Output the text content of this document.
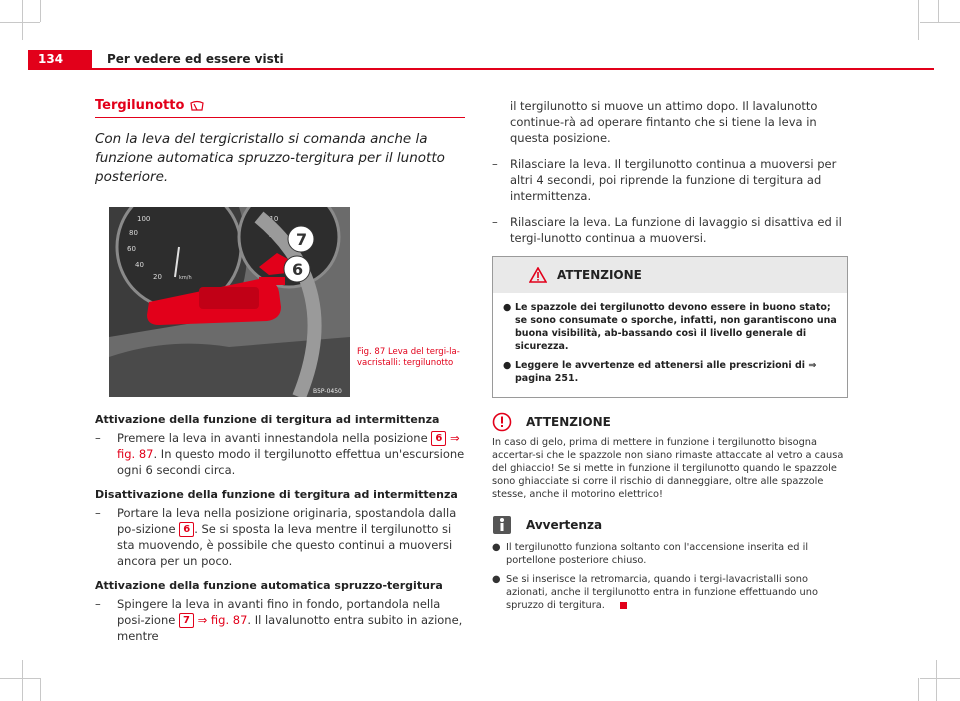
134	Per vedere ed essere visti
Tergilunotto
Con la leva del tergicristallo si comanda anche la funzione automatica spruzzo-tergitura per il lunotto posteriore.
100
80
60
40
20
210
240
km/h
7
6
B5P-0450
Fig. 87 Leva del tergi-la-vacristalli: tergilunotto
Attivazione della funzione di tergitura ad intermittenza
– Premere la leva in avanti innestandola nella posizione 6 ⇒ fig. 87. In questo modo il tergilunotto effettua un'escursione ogni 6 secondi circa.
Disattivazione della funzione di tergitura ad intermittenza
– Portare la leva nella posizione originaria, spostandola dalla po-sizione 6 . Se si sposta la leva mentre il tergilunotto si sta muovendo, è possibile che questo continui a muoversi ancora per un poco.
Attivazione della funzione automatica spruzzo-tergitura
– Spingere la leva in avanti fino in fondo, portandola nella posi-zione 7 ⇒ fig. 87. Il lavalunotto entra subito in azione, mentre
il tergilunotto si muove un attimo dopo. Il lavalunotto continue-rà ad operare fintanto che si tiene la leva in questa posizione.
– Rilasciare la leva. Il tergilunotto continua a muoversi per altri 4 secondi, poi riprende la funzione di tergitura ad intermittenza.
– Rilasciare la leva. La funzione di lavaggio si disattiva ed il tergi-lunotto continua a muoversi.
ATTENZIONE
● Le spazzole dei tergilunotto devono essere in buono stato; se sono consumate o sporche, infatti, non garantiscono una buona visibilità, ab-bassando così il livello generale di sicurezza.
● Leggere le avvertenze ed attenersi alle prescrizioni di ⇒ pagina 251.
ATTENZIONE
In caso di gelo, prima di mettere in funzione i tergilunotto bisogna accertar-si che le spazzole non siano rimaste attaccate al vetro a causa del ghiaccio! Se si mette in funzione il tergilunotto quando le spazzole sono ghiacciate si corre il rischio di danneggiare, oltre alle spazzole stesse, anche il motorino elettrico!
Avvertenza
● Il tergilunotto funziona soltanto con l'accensione inserita ed il portellone posteriore chiuso.
● Se si inserisce la retromarcia, quando i tergi-lavacristalli sono azionati, anche il tergilunotto entra in funzione effettuando uno spruzzo di tergitura.
